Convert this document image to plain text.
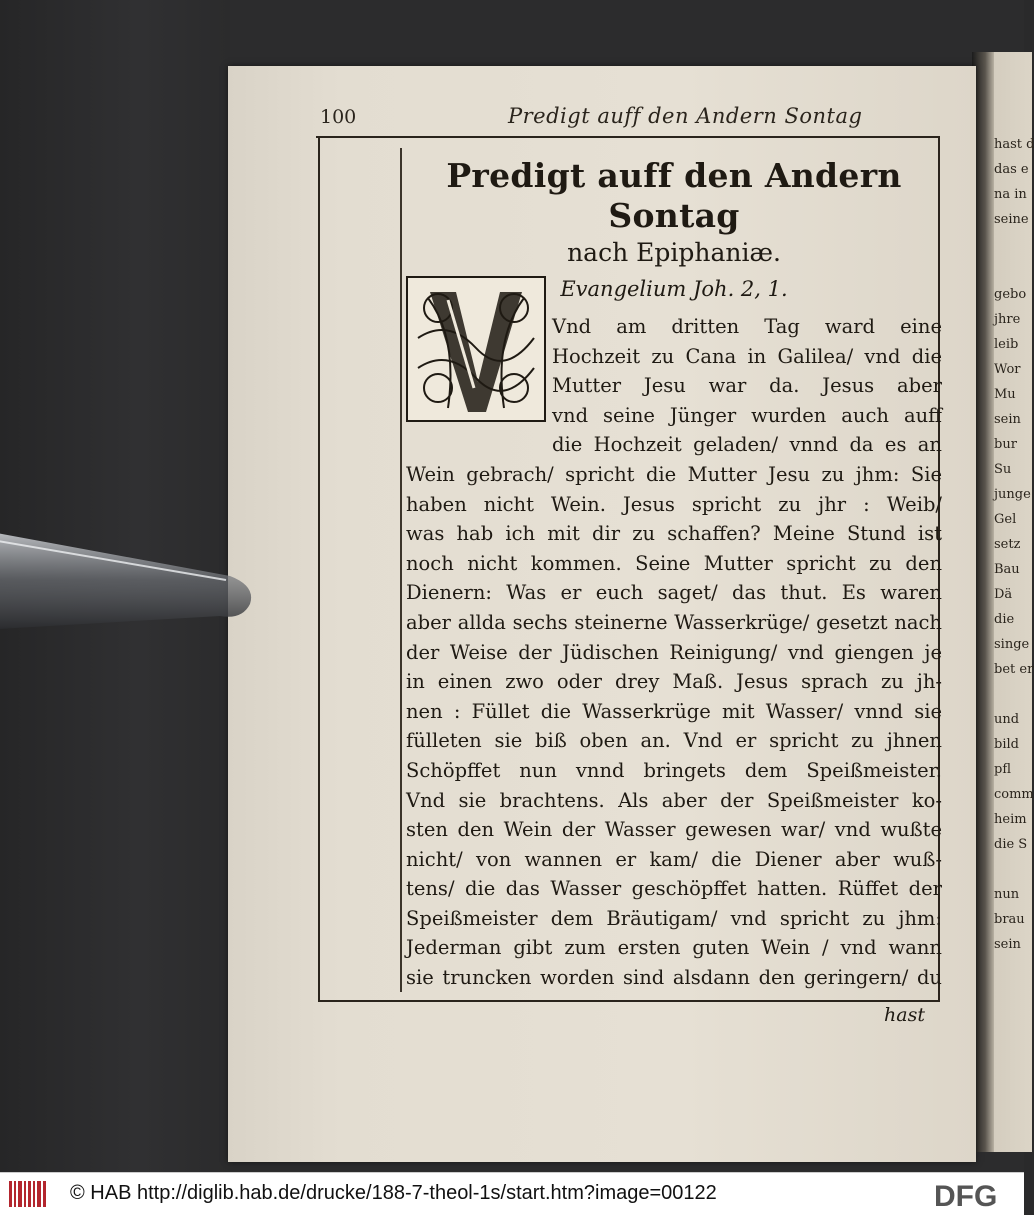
hast d
das e
na in
seine
gebo
jhre
leib
Wor
Mu
sein
bur
Su
junge
Gel
setz
Bau
Dä
die
singe
bet er
und
bild
pfl
comm
heim
die S
nun
brau
sein
100	Predigt auff den Andern Sontag

Predigt auff den Andern Sontag

nach Epiphaniæ.

Evangelium Joh. 2, 1.

Vnd am dritten Tag ward eine
Hochzeit zu Cana in Galilea/ vnd die
Mutter Jesu war da. Jesus aber
vnd seine Jünger wurden auch auff
die Hochzeit geladen/ vnnd da es an
Wein gebrach/ spricht die Mutter Jesu zu jhm: Sie
haben nicht Wein. Jesus spricht zu jhr : Weib/
was hab ich mit dir zu schaffen? Meine Stund ist
noch nicht kommen. Seine Mutter spricht zu den
Dienern: Was er euch saget/ das thut. Es waren
aber allda sechs steinerne Wasserkrüge/ gesetzt nach
der Weise der Jüdischen Reinigung/ vnd giengen je
in einen zwo oder drey Maß. Jesus sprach zu jh-
nen : Füllet die Wasserkrüge mit Wasser/ vnnd sie
fülleten sie biß oben an. Vnd er spricht zu jhnen
Schöpffet nun vnnd bringets dem Speißmeister.
Vnd sie brachtens. Als aber der Speißmeister ko-
sten den Wein der Wasser gewesen war/ vnd wußte
nicht/ von wannen er kam/ die Diener aber wuß-
tens/ die das Wasser geschöpffet hatten. Rüffet der
Speißmeister dem Bräutigam/ vnd spricht zu jhm:
Jederman gibt zum ersten guten Wein / vnd wann
sie truncken worden sind alsdann den geringern/ du
hast
© HAB http://diglib.hab.de/drucke/188-7-theol-1s/start.htm?image=00122	DFG
